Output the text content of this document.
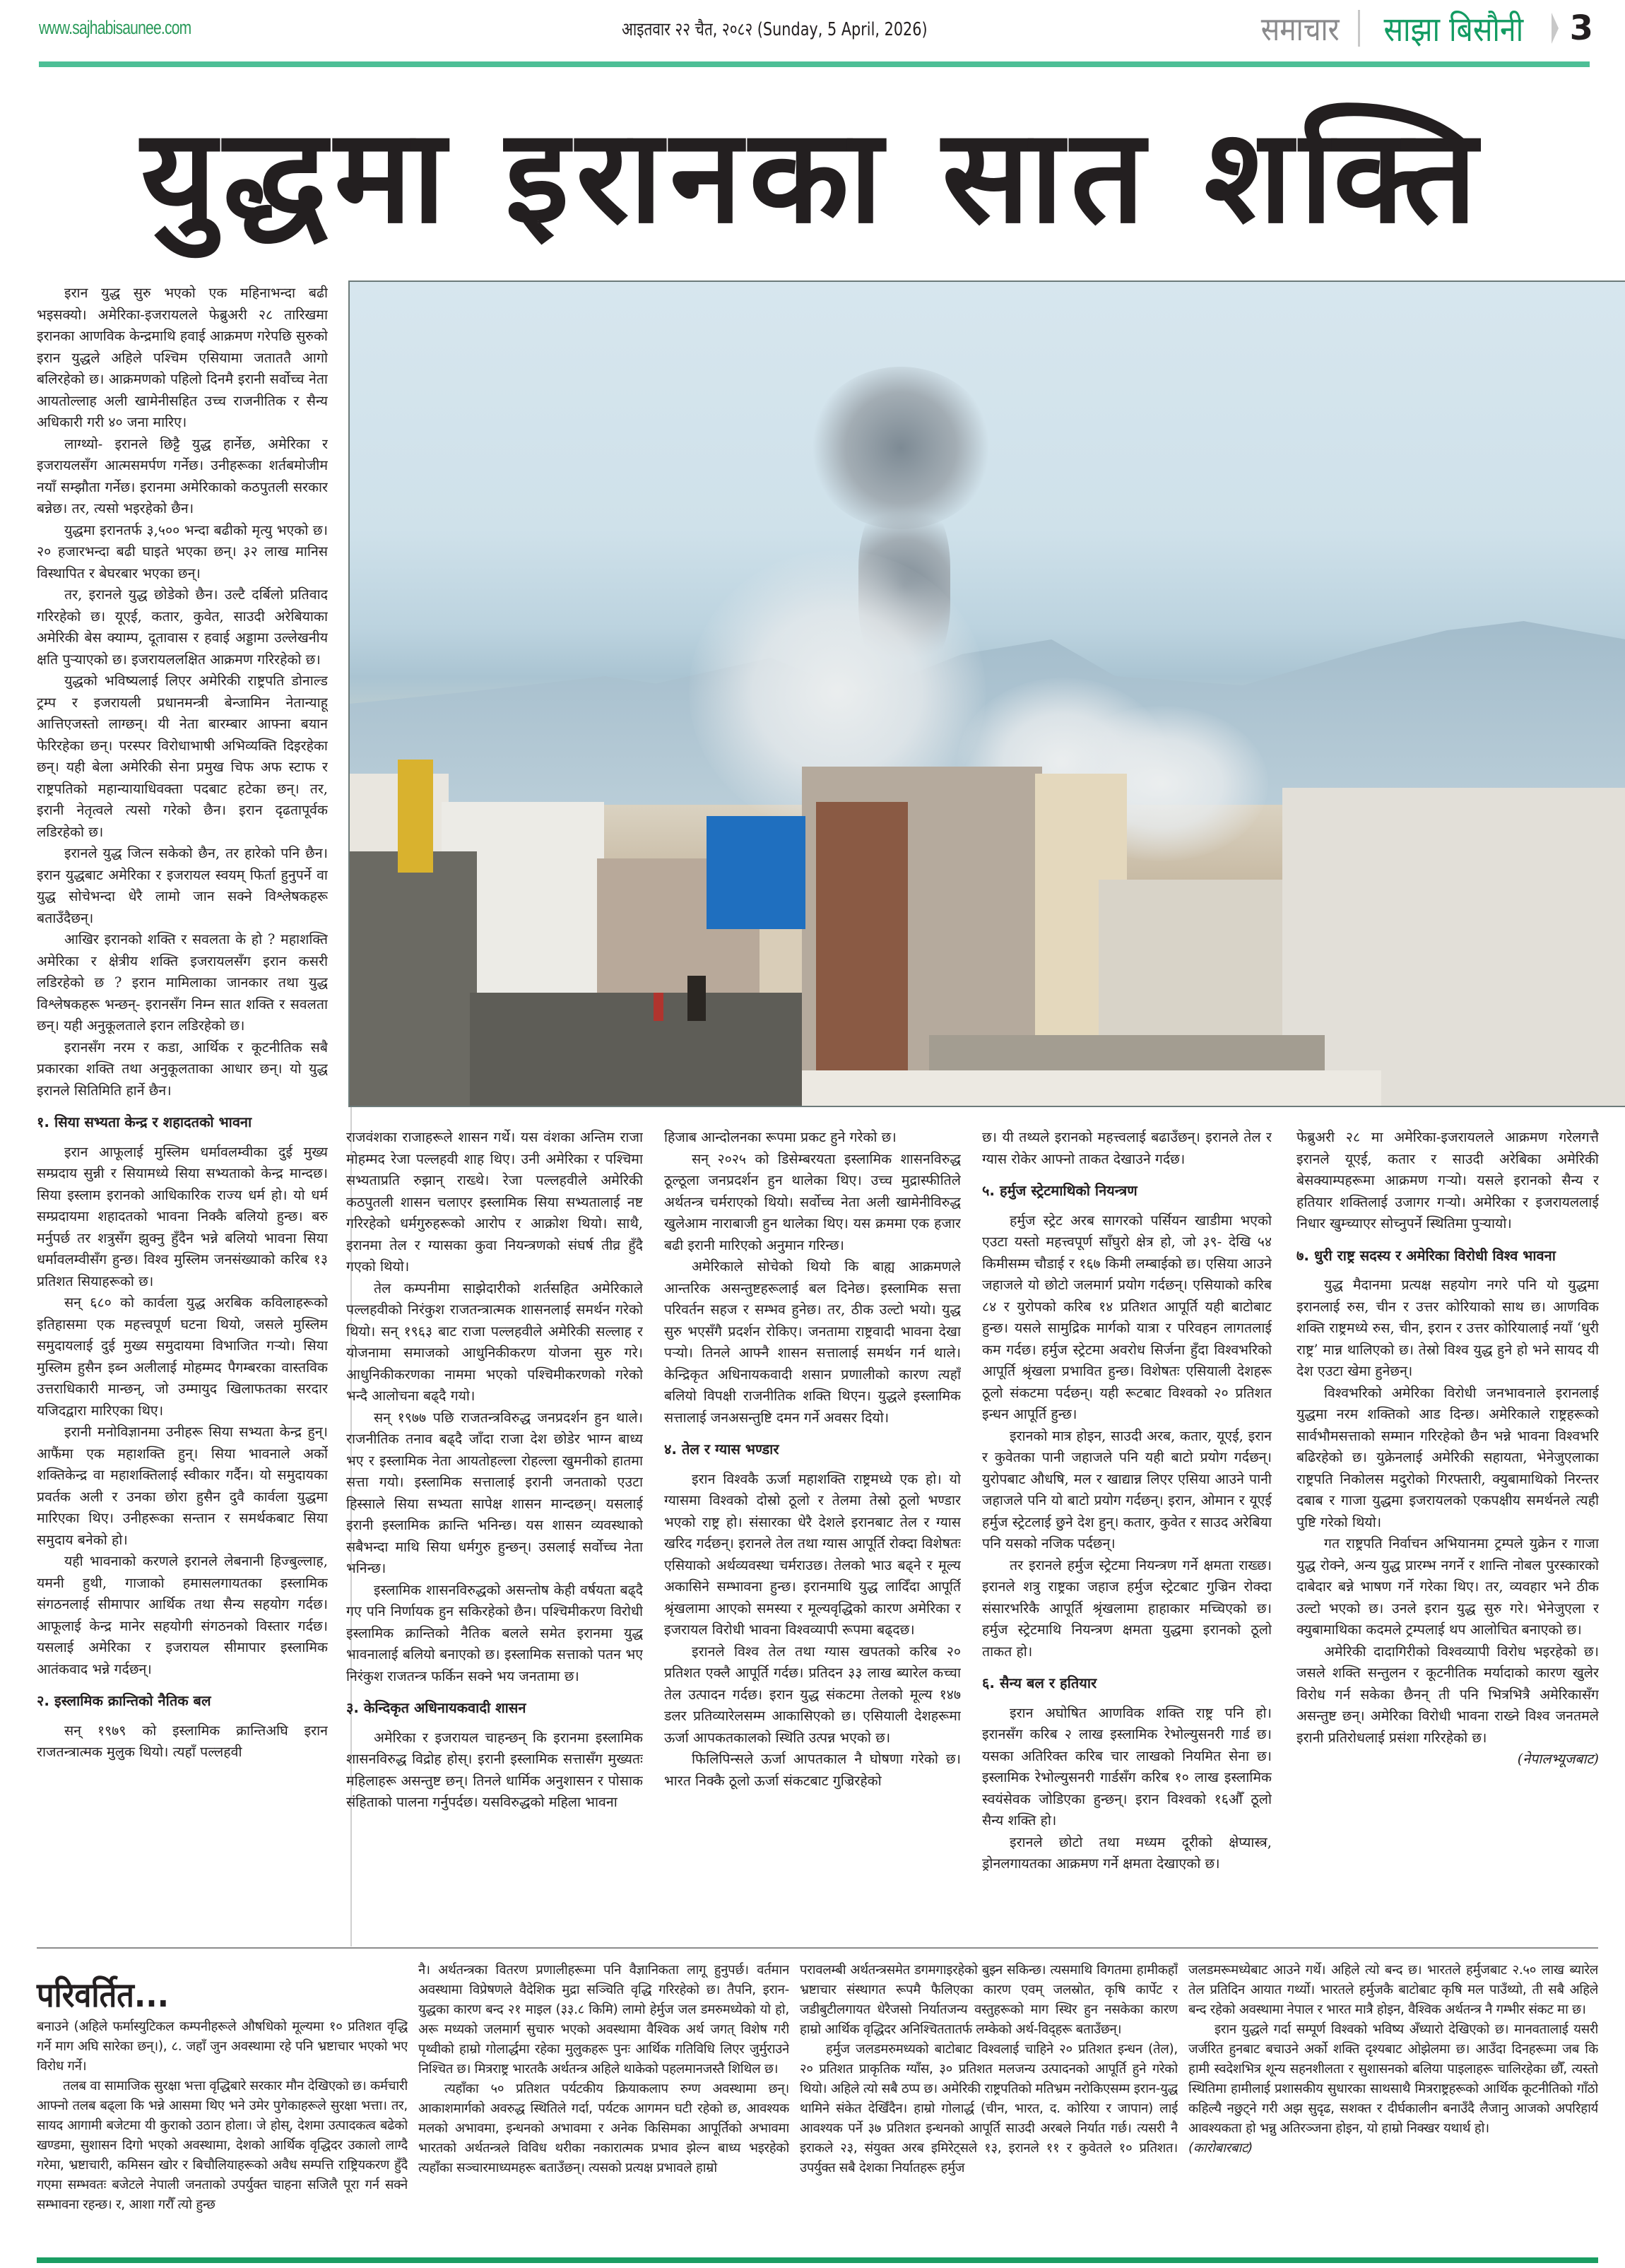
www.sajhabisaunee.com	आइतवार २२ चैत, २०८२ (Sunday, 5 April, 2026)	समाचार साझा बिसौनी 3
युद्धमा इरानका सात शक्ति

इरान युद्ध सुरु भएको एक महिनाभन्दा बढी भइसक्यो। अमेरिका-इजरायलले फेब्रुअरी २८ तारिखमा इरानका आणविक केन्द्रमाथि हवाई आक्रमण गरेपछि सुरुको इरान युद्धले अहिले पश्चिम एसियामा जताततै आगो बलिरहेको छ। आक्रमणको पहिलो दिनमै इरानी सर्वोच्च नेता आयतोल्लाह अली खामेनीसहित उच्च राजनीतिक र सैन्य अधिकारी गरी ४० जना मारिए।

लाग्थ्यो- इरानले छिट्टै युद्ध हार्नेछ, अमेरिका र इजरायलसँग आत्मसमर्पण गर्नेछ। उनीहरूका शर्तबमोजीम नयाँ सम्झौता गर्नेछ। इरानमा अमेरिकाको कठपुतली सरकार बन्नेछ। तर, त्यसो भइरहेको छैन।

युद्धमा इरानतर्फ ३,५०० भन्दा बढीको मृत्यु भएको छ। २० हजारभन्दा बढी घाइते भएका छन्। ३२ लाख मानिस विस्थापित र बेघरबार भएका छन्।

तर, इरानले युद्ध छोडेको छैन। उल्टै दर्बिलो प्रतिवाद गरिरहेको छ। यूएई, कतार, कुवेत, साउदी अरेबियाका अमेरिकी बेस क्याम्प, दूतावास र हवाई अड्डामा उल्लेखनीय क्षति पुऱ्याएको छ। इजरायललक्षित आक्रमण गरिरहेको छ।

युद्धको भविष्यलाई लिएर अमेरिकी राष्ट्रपति डोनाल्ड ट्रम्प र इजरायली प्रधानमन्त्री बेन्जामिन नेतान्याहू आत्तिएजस्तो लाग्छन्। यी नेता बारम्बार आफ्ना बयान फेरिरहेका छन्। परस्पर विरोधाभाषी अभिव्यक्ति दिइरहेका छन्। यही बेला अमेरिकी सेना प्रमुख चिफ अफ स्टाफ र राष्ट्रपतिको महान्यायाधिवक्ता पदबाट हटेका छन्। तर, इरानी नेतृत्वले त्यसो गरेको छैन। इरान दृढतापूर्वक लडिरहेको छ।

इरानले युद्ध जित्न सकेको छैन, तर हारेको पनि छैन। इरान युद्धबाट अमेरिका र इजरायल स्वयम् फिर्ता हुनुपर्ने वा युद्ध सोचेभन्दा धेरै लामो जान सक्ने विश्लेषकहरू बताउँदैछन्।

आखिर इरानको शक्ति र सवलता के हो ? महाशक्ति अमेरिका र क्षेत्रीय शक्ति इजरायलसँग इरान कसरी लडिरहेको छ ? इरान मामिलाका जानकार तथा युद्ध विश्लेषकहरू भन्छन्- इरानसँग निम्न सात शक्ति र सवलता छन्। यही अनुकूलताले इरान लडिरहेको छ।

इरानसँग नरम र कडा, आर्थिक र कूटनीतिक सबै प्रकारका शक्ति तथा अनुकूलताका आधार छन्। यो युद्ध इरानले सितिमिति हार्ने छैन।

१. सिया सभ्यता केन्द्र र शहादतको भावना

इरान आफूलाई मुस्लिम धर्मावलम्वीका दुई मुख्य सम्प्रदाय सुन्नी र सियामध्ये सिया सभ्यताको केन्द्र मान्दछ। सिया इस्लाम इरानको आधिकारिक राज्य धर्म हो। यो धर्म सम्प्रदायमा शहादतको भावना निक्कै बलियो हुन्छ। बरु मर्नुपर्छ तर शत्रुसँग झुक्नु हुँदैन भन्ने बलियो भावना सिया धर्मावलम्वीसँग हुन्छ। विश्व मुस्लिम जनसंख्याको करिब १३ प्रतिशत सियाहरूको छ।

सन् ६८० को कार्वला युद्ध अरबिक कविलाहरूको इतिहासमा एक महत्त्वपूर्ण घटना थियो, जसले मुस्लिम समुदायलाई दुई मुख्य समुदायमा विभाजित गऱ्यो। सिया मुस्लिम हुसैन इब्न अलीलाई मोहम्मद पैगम्बरका वास्तविक उत्तराधिकारी मान्छन्, जो उम्मायुद खिलाफतका सरदार यजिदद्वारा मारिएका थिए।

इरानी मनोविज्ञानमा उनीहरू सिया सभ्यता केन्द्र हुन्। आफैंमा एक महाशक्ति हुन्। सिया भावनाले अर्को शक्तिकेन्द्र वा महाशक्तिलाई स्वीकार गर्दैन। यो समुदायका प्रवर्तक अली र उनका छोरा हुसैन दुवै कार्वला युद्धमा मारिएका थिए। उनीहरूका सन्तान र समर्थकबाट सिया समुदाय बनेको हो।

यही भावनाको करणले इरानले लेबनानी हिज्बुल्लाह, यमनी हुथी, गाजाको हमासलगायतका इस्लामिक संगठनलाई सीमापार आर्थिक तथा सैन्य सहयोग गर्दछ। आफूलाई केन्द्र मानेर सहयोगी संगठनको विस्तार गर्दछ। यसलाई अमेरिका र इजरायल सीमापार इस्लामिक आतंकवाद भन्ने गर्दछन्।

२. इस्लामिक क्रान्तिको नैतिक बल

सन् १९७९ को इस्लामिक क्रान्तिअघि इरान राजतन्त्रात्मक मुलुक थियो। त्यहाँ पल्लहवी

राजवंशका राजाहरूले शासन गर्थे। यस वंशका अन्तिम राजा मोहम्मद रेजा पल्लहवी शाह थिए। उनी अमेरिका र पश्चिमा सभ्यताप्रति रुझान् राख्थे। रेजा पल्लहवीले अमेरिकी कठपुतली शासन चलाएर इस्लामिक सिया सभ्यतालाई नष्ट गरिरहेको धर्मगुरुहरूको आरोप र आक्रोश थियो। साथै, इरानमा तेल र ग्यासका कुवा नियन्त्रणको संघर्ष तीव्र हुँदै गएको थियो।

तेल कम्पनीमा साझेदारीको शर्तसहित अमेरिकाले पल्लहवीको निरंकुश राजतन्त्रात्मक शासनलाई समर्थन गरेको थियो। सन् १९६३ बाट राजा पल्लहवीले अमेरिकी सल्लाह र योजनामा समाजको आधुनिकीकरण योजना सुरु गरे। आधुनिकीकरणका नाममा भएको पश्चिमीकरणको गरेको भन्दै आलोचना बढ्दै गयो।

सन् १९७७ पछि राजतन्त्रविरुद्ध जनप्रदर्शन हुन थाले। राजनीतिक तनाव बढ्दै जाँदा राजा देश छोडेर भाग्न बाध्य भए र इस्लामिक नेता आयतोहल्ला रोहल्ला खुमनीको हातमा सत्ता गयो। इस्लामिक सत्तालाई इरानी जनताको एउटा हिस्साले सिया सभ्यता सापेक्ष शासन मान्दछन्। यसलाई इरानी इस्लामिक क्रान्ति भनिन्छ। यस शासन व्यवस्थाको सबैभन्दा माथि सिया धर्मगुरु हुन्छन्। उसलाई सर्वोच्च नेता भनिन्छ।

इस्लामिक शासनविरुद्धको असन्तोष केही वर्षयता बढ्दै गए पनि निर्णायक हुन सकिरहेको छैन। पश्चिमीकरण विरोधी इस्लामिक क्रान्तिको नैतिक बलले समेत इरानमा युद्ध भावनालाई बलियो बनाएको छ। इस्लामिक सत्ताको पतन भए निरंकुश राजतन्त्र फर्किन सक्ने भय जनतामा छ।

३. केन्दिकृत अधिनायकवादी शासन

अमेरिका र इजरायल चाहन्छन् कि इरानमा इस्लामिक शासनविरुद्ध विद्रोह होस्। इरानी इस्लामिक सत्तासँग मुख्यतः महिलाहरू असन्तुष्ट छन्। तिनले धार्मिक अनुशासन र पोसाक संहिताको पालना गर्नुपर्दछ। यसविरुद्धको महिला भावना

हिजाब आन्दोलनका रूपमा प्रकट हुने गरेको छ।

सन् २०२५ को डिसेम्बरयता इस्लामिक शासनविरुद्ध ठूल्ठूला जनप्रदर्शन हुन थालेका थिए। उच्च मुद्रास्फीतिले अर्थतन्त्र चर्मराएको थियो। सर्वोच्च नेता अली खामेनीविरुद्ध खुलेआम नाराबाजी हुन थालेका थिए। यस क्रममा एक हजार बढी इरानी मारिएको अनुमान गरिन्छ।

अमेरिकाले सोचेको थियो कि बाह्य आक्रमणले आन्तरिक असन्तुष्टहरूलाई बल दिनेछ। इस्लामिक सत्ता परिवर्तन सहज र सम्भव हुनेछ। तर, ठीक उल्टो भयो। युद्ध सुरु भएसँगै प्रदर्शन रोकिए। जनतामा राष्ट्रवादी भावना देखा पऱ्यो। तिनले आफ्नै शासन सत्तालाई समर्थन गर्न थाले। केन्द्रिकृत अधिनायकवादी शसान प्रणालीको कारण त्यहाँ बलियो विपक्षी राजनीतिक शक्ति थिएन। युद्धले इस्लामिक सत्तालाई जनअसन्तुष्टि दमन गर्ने अवसर दियो।

४. तेल र ग्यास भण्डार

इरान विश्वकै ऊर्जा महाशक्ति राष्ट्रमध्ये एक हो। यो ग्यासमा विश्वको दोस्रो ठूलो र तेलमा तेस्रो ठूलो भण्डार भएको राष्ट्र हो। संसारका धेरै देशले इरानबाट तेल र ग्यास खरिद गर्दछन्। इरानले तेल तथा ग्यास आपूर्ति रोक्दा विशेषतः एसियाको अर्थव्यवस्था चर्मराउछ। तेलको भाउ बढ्ने र मूल्य अकासिने सम्भावना हुन्छ। इरानमाथि युद्ध लादिँदा आपूर्ति श्रृंखलामा आएको समस्या र मूल्यवृद्धिको कारण अमेरिका र इजरायल विरोधी भावना विश्वव्यापी रूपमा बढ्दछ।

इरानले विश्व तेल तथा ग्यास खपतको करिब २० प्रतिशत एक्लै आपूर्ति गर्दछ। प्रतिदन ३३ लाख ब्यारेल कच्चा तेल उत्पादन गर्दछ। इरान युद्ध संकटमा तेलको मूल्य १४७ डलर प्रतिव्यारेलसम्म आकासिएको छ। एसियाली देशहरूमा ऊर्जा आपकतकालको स्थिति उत्पन्न भएको छ।

फिलिपिन्सले ऊर्जा आपतकाल नै घोषणा गरेको छ। भारत निक्कै ठूलो ऊर्जा संकटबाट गुज्रिरहेको

छ। यी तथ्यले इरानको महत्त्वलाई बढाउँछन्। इरानले तेल र ग्यास रोकेर आफ्नो ताकत देखाउने गर्दछ।

५. हर्मुज स्ट्रेटमाथिको नियन्त्रण

हर्मुज स्ट्रेट अरब सागरको पर्सियन खाडीमा भएको एउटा यस्तो महत्त्वपूर्ण साँघुरो क्षेत्र हो, जो ३९- देखि ५४ किमीसम्म चौडाई र १६७ किमी लम्बाईको छ। एसिया आउने जहाजले यो छोटो जलमार्ग प्रयोग गर्दछन्। एसियाको करिब ८४ र युरोपको करिब १४ प्रतिशत आपूर्ति यही बाटोबाट हुन्छ। यसले सामुद्रिक मार्गको यात्रा र परिवहन लागतलाई कम गर्दछ। हर्मुज स्ट्रेटमा अवरोध सिर्जना हुँदा विश्वभरिको आपूर्ति श्रृंखला प्रभावित हुन्छ। विशेषतः एसियाली देशहरू ठूलो संकटमा पर्दछन्। यही रूटबाट विश्वको २० प्रतिशत इन्धन आपूर्ति हुन्छ।

इरानको मात्र होइन, साउदी अरब, कतार, यूएई, इरान र कुवेतका पानी जहाजले पनि यही बाटो प्रयोग गर्दछन्। युरोपबाट औधषि, मल र खाद्यान्न लिएर एसिया आउने पानी जहाजले पनि यो बाटो प्रयोग गर्दछन्। इरान, ओमान र यूएई हर्मुज स्ट्रेटलाई छुने देश हुन्। कतार, कुवेत र साउद अरेबिया पनि यसको नजिक पर्दछन्।

तर इरानले हर्मुज स्ट्रेटमा नियन्त्रण गर्ने क्षमता राख्छ। इरानले शत्रु राष्ट्रका जहाज हर्मुज स्ट्रेटबाट गुज्रिन रोक्दा संसारभरिकै आपूर्ति श्रृंखलामा हाहाकार मच्चिएको छ। हर्मुज स्ट्रेटमाथि नियन्त्रण क्षमता युद्धमा इरानको ठूलो ताकत हो।

६. सैन्य बल र हतियार

इरान अघोषित आणविक शक्ति राष्ट्र पनि हो। इरानसँग करिब २ लाख इस्लामिक रेभोल्युसनरी गार्ड छ। यसका अतिरिक्त करिब चार लाखको नियमित सेना छ। इस्लामिक रेभोल्युसनरी गार्डसँग करिब १० लाख इस्लामिक स्वयंसेवक जोडिएका हुन्छन्। इरान विश्वको १६औँ ठूलो सैन्य शक्ति हो।

इरानले छोटो तथा मध्यम दूरीको क्षेप्यास्त्र, ड्रोनलगायतका आक्रमण गर्ने क्षमता देखाएको छ।

फेब्रुअरी २८ मा अमेरिका-इजरायलले आक्रमण गरेलगत्तै इरानले यूएई, कतार र साउदी अरेबिका अमेरिकी बेसक्याम्पहरूमा आक्रमण गऱ्यो। यसले इरानको सैन्य र हतियार शक्तिलाई उजागर गऱ्यो। अमेरिका र इजरायललाई निधार खुम्च्याएर सोच्नुपर्ने स्थितिमा पुऱ्यायो।

७. धुरी राष्ट्र सदस्य र अमेरिका विरोधी विश्व भावना

युद्ध मैदानमा प्रत्यक्ष सहयोग नगरे पनि यो युद्धमा इरानलाई रुस, चीन र उत्तर कोरियाको साथ छ। आणविक शक्ति राष्ट्रमध्ये रुस, चीन, इरान र उत्तर कोरियालाई नयाँ ‘धुरी राष्ट्र’ मान्न थालिएको छ। तेस्रो विश्व युद्ध हुने हो भने सायद यी देश एउटा खेमा हुनेछन्।

विश्वभरिको अमेरिका विरोधी जनभावनाले इरानलाई युद्धमा नरम शक्तिको आड दिन्छ। अमेरिकाले राष्ट्रहरूको सार्वभौमसत्ताको सम्मान गरिरहेको छैन भन्ने भावना विश्वभरि बढिरहेको छ। युक्रेनलाई अमेरिकी सहायता, भेनेजुएलाका राष्ट्रपति निकोलस मदुरोको गिरफ्तारी, क्युबामाथिको निरन्तर दबाब र गाजा युद्धमा इजरायलको एकपक्षीय समर्थनले त्यही पुष्टि गरेको थियो।

गत राष्ट्रपति निर्वाचन अभियानमा ट्रम्पले युक्रेन र गाजा युद्ध रोक्ने, अन्य युद्ध प्रारम्भ नगर्ने र शान्ति नोबल पुरस्कारको दाबेदार बन्ने भाषण गर्ने गरेका थिए। तर, व्यवहार भने ठीक उल्टो भएको छ। उनले इरान युद्ध सुरु गरे। भेनेजुएला र क्युबामाथिका कदमले ट्रम्पलाई थप आलोचित बनाएको छ।

अमेरिकी दादागिरीको विश्वव्यापी विरोध भइरहेको छ। जसले शक्ति सन्तुलन र कूटनीतिक मर्यादाको कारण खुलेर विरोध गर्न सकेका छैनन् ती पनि भित्रभित्रै अमेरिकासँग असन्तुष्ट छन्। अमेरिका विरोधी भावना राख्ने विश्व जनतमले इरानी प्रतिरोधलाई प्रसंशा गरिरहेको छ।

(नेपालभ्यूजबाट)

परिवर्तित...

बनाउने (अहिले फर्मास्युटिकल कम्पनीहरूले औषधिको मूल्यमा १० प्रतिशत वृद्धि गर्ने माग अघि सारेका छन्।), ८. जहाँ जुन अवस्थामा रहे पनि भ्रष्टाचार भएको भए विरोध गर्ने।

तलब वा सामाजिक सुरक्षा भत्ता वृद्धिबारे सरकार मौन देखिएको छ। कर्मचारी आफ्नो तलब बढ्ला कि भन्ने आसमा थिए भने उमेर पुगेकाहरूले सुरक्षा भत्ता। तर, सायद आगामी बजेटमा यी कुराको उठान होला। जे होस्, देशमा उत्पादकत्व बढेको खण्डमा, सुशासन दिगो भएको अवस्थामा, देशको आर्थिक वृद्धिदर उकालो लाग्दै गरेमा, भ्रष्टाचारी, कमिसन खोर र बिचौलियाहरूको अवैध सम्पत्ति राष्ट्रियकरण हुँदै गएमा सम्भवतः बजेटले नेपाली जनताको उपर्युक्त चाहना सजिलै पूरा गर्न सक्ने सम्भावना रहन्छ। र, आशा गरौँ त्यो हुन्छ

नै। अर्थतन्त्रका वितरण प्रणालीहरूमा पनि वैज्ञानिकता लागू हुनुपर्छ। वर्तमान अवस्थामा विप्रेषणले वैदेशिक मुद्रा सञ्चिति वृद्धि गरिरहेको छ। तैपनि, इरान-युद्धका कारण बन्द २१ माइल (३३.८ किमि) लामो हेर्मुज जल डमरुमध्येको यो हो, अरू मध्यको जलमार्ग सुचारु भएको अवस्थामा वैश्विक अर्थ जगत् विशेष गरी पृथ्वीको हाम्रो गोलार्द्धमा रहेका मुलुकहरू पुनः आर्थिक गतिविधि लिएर जुर्मुराउने निश्चित छ। मित्रराष्ट्र भारतकै अर्थतन्त्र अहिले थाकेको पहलमानजस्तै शिथिल छ।

त्यहाँका ५० प्रतिशत पर्यटकीय क्रियाकलाप रुग्ण अवस्थामा छन्। आकाशमार्गको अवरुद्ध स्थितिले गर्दा, पर्यटक आगमन घटी रहेको छ, आवश्यक मलको अभावमा, इन्धनको अभावमा र अनेक किसिमका आपूर्तिको अभावमा भारतको अर्थतन्त्रले विविध थरीका नकारात्मक प्रभाव झेल्न बाध्य भइरहेको त्यहाँका सञ्चारमाध्यमहरू बताउँछन्। त्यसको प्रत्यक्ष प्रभावले हाम्रो

परावलम्बी अर्थतन्त्रसमेत डगमगाइरहेको बुझ्न सकिन्छ। त्यसमाथि विगतमा हामीकहाँ भ्रष्टाचार संस्थागत रूपमै फैलिएका कारण एवम् जलस्रोत, कृषि कार्पेट र जडीबुटीलगायत धेरैजसो निर्यातजन्य वस्तुहरूको माग स्थिर हुन नसकेका कारण हाम्रो आर्थिक वृद्धिदर अनिश्चिततातर्फ लम्केको अर्थ-विद्हरू बताउँछन्।

हर्मुज जलडमरुमध्यको बाटोबाट विश्वलाई चाहिने २० प्रतिशत इन्धन (तेल), २० प्रतिशत प्राकृतिक ग्याँस, ३० प्रतिशत मलजन्य उत्पादनको आपूर्ति हुने गरेको थियो। अहिले त्यो सबै ठप्प छ। अमेरिकी राष्ट्रपतिको मतिभ्रम नरोकिएसम्म इरान-युद्ध थामिने संकेत देखिँदैन। हाम्रो गोलार्द्ध (चीन, भारत, द. कोरिया र जापान) लाई आवश्यक पर्ने ३७ प्रतिशत इन्धनको आपूर्ति साउदी अरबले निर्यात गर्छ। त्यसरी नै इराकले २३, संयुक्त अरब इमिरेट्सले १३, इरानले ११ र कुवेतले १० प्रतिशत। उपर्युक्त सबै देशका निर्यातहरू हर्मुज

जलडमरूमध्येबाट आउने गर्थे। अहिले त्यो बन्द छ। भारतले हर्मुजबाट २.५० लाख ब्यारेल तेल प्रतिदिन आयात गर्थ्यो। भारतले हर्मुजकै बाटोबाट कृषि मल पाउँथ्यो, ती सबै अहिले बन्द रहेको अवस्थामा नेपाल र भारत मात्रै होइन, वैश्विक अर्थतन्त्र नै गम्भीर संकट मा छ।

इरान युद्धले गर्दा सम्पूर्ण विश्वको भविष्य अँध्यारो देखिएको छ। मानवतालाई यसरी जर्जरित हुनबाट बचाउने अर्को शक्ति दृश्यबाट ओझेलमा छ। आउँदा दिनहरूमा जब कि हामी स्वदेशभित्र शून्य सहनशीलता र सुशासनको बलिया पाइलाहरू चालिरहेका छौँ, त्यस्तो स्थितिमा हामीलाई प्रशासकीय सुधारका साथसाथै मित्रराष्ट्रहरूको आर्थिक कूटनीतिको गाँठो कहिल्यै नछुट्ने गरी अझ सुदृढ, सशक्त र दीर्घकालीन बनाउँदै लैजानु आजको अपरिहार्य आवश्यकता हो भन्नु अतिरञ्जना होइन, यो हाम्रो निक्खर यथार्थ हो।

(कारोबारबाट)
